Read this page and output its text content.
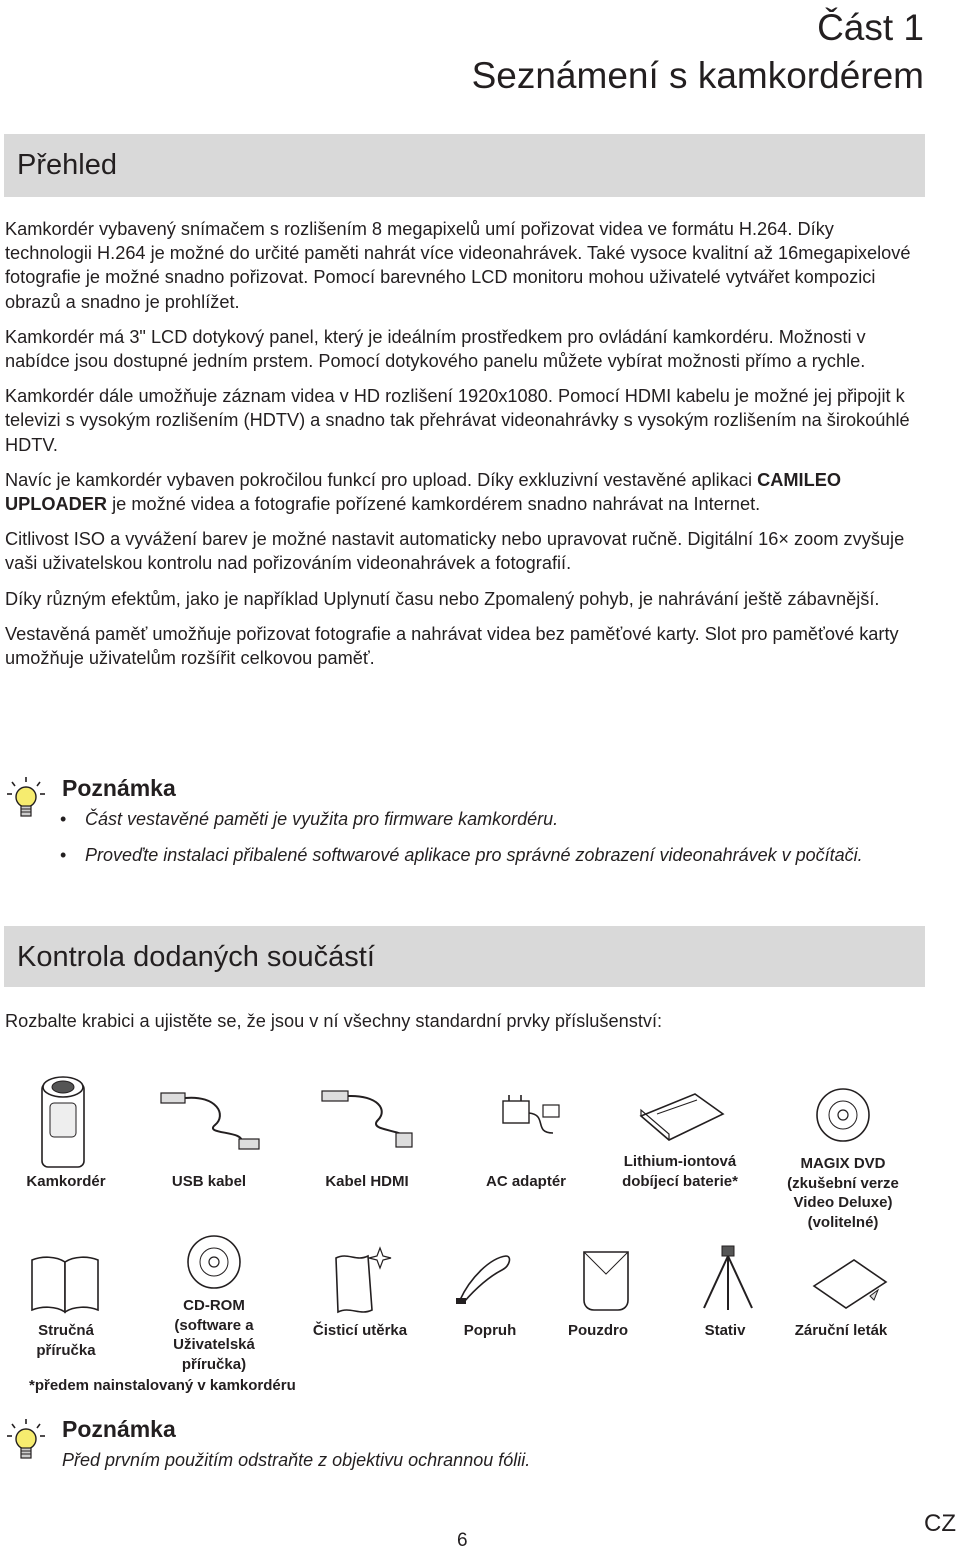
Část 1
Seznámení s kamkordérem
Přehled

Kamkordér vybavený snímačem s rozlišením 8 megapixelů umí pořizovat videa ve formátu H.264. Díky technologii H.264 je možné do určité paměti nahrát více videonahrávek. Také vysoce kvalitní až 16megapixelové fotografie je možné snadno pořizovat. Pomocí barevného LCD monitoru mohou uživatelé vytvářet kompozici obrazů a snadno je prohlížet.

Kamkordér má 3" LCD dotykový panel, který je ideálním prostředkem pro ovládání kamkordéru. Možnosti v nabídce jsou dostupné jedním prstem. Pomocí dotykového panelu můžete vybírat možnosti přímo a rychle.

Kamkordér dále umožňuje záznam videa v HD rozlišení 1920x1080. Pomocí HDMI kabelu je možné jej připojit k televizi s vysokým rozlišením (HDTV) a snadno tak přehrávat videonahrávky s vysokým rozlišením na širokoúhlé HDTV.

Navíc je kamkordér vybaven pokročilou funkcí pro upload. Díky exkluzivní vestavěné aplikaci CAMILEO UPLOADER je možné videa a fotografie pořízené kamkordérem snadno nahrávat na Internet.

Citlivost ISO a vyvážení barev je možné nastavit automaticky nebo upravovat ručně. Digitální 16× zoom zvyšuje vaši uživatelskou kontrolu nad pořizováním videonahrávek a fotografií.

Díky různým efektům, jako je například Uplynutí času nebo Zpomalený pohyb, je nahrávání ještě zábavnější.

Vestavěná paměť umožňuje pořizovat fotografie a nahrávat videa bez paměťové karty. Slot pro paměťové karty umožňuje uživatelům rozšířit celkovou paměť.

Poznámka
• Část vestavěné paměti je využita pro firmware kamkordéru.
• Proveďte instalaci přibalené softwarové aplikace pro správné zobrazení videonahrávek v počítači.
Kontrola dodaných součástí
Rozbalte krabici a ujistěte se, že jsou v ní všechny standardní prvky příslušenství:
Kamkordér	USB kabel	Kabel HDMI	AC adaptér
Lithium-iontová dobíjecí baterie*
MAGIX DVD (zkušební verze Video Deluxe) (volitelné)
Stručná příručka
CD-ROM (software a Uživatelská příručka)
Čisticí utěrka	Popruh	Pouzdro	Stativ	Záruční leták
*předem nainstalovaný v kamkordéru
Poznámka
Před prvním použitím odstraňte z objektivu ochrannou fólii.
6
CZ
